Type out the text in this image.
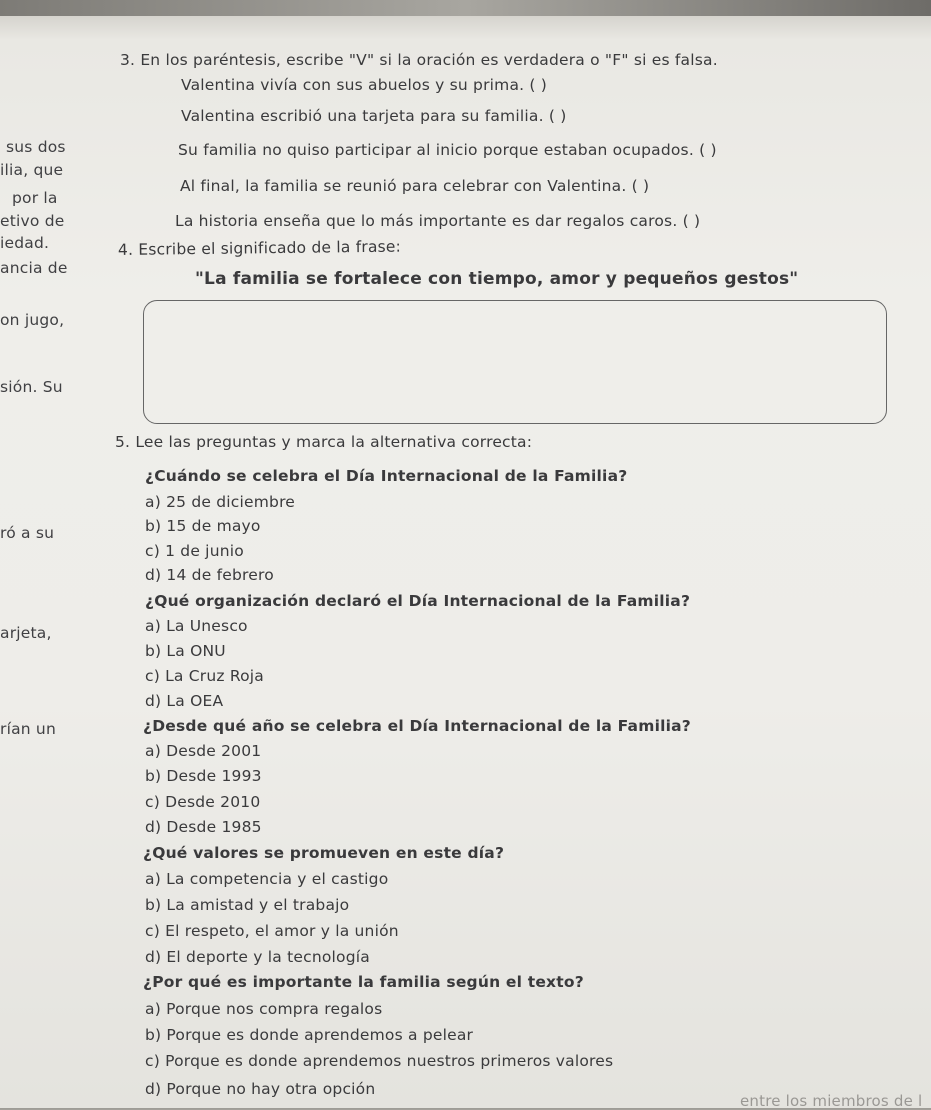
sus dos
ilia, que
por la
etivo de
iedad.
ancia de
on jugo,
sión. Su
ró a su
arjeta,
rían un
3. En los paréntesis, escribe "V" si la oración es verdadera o "F" si es falsa.
Valentina vivía con sus abuelos y su prima. ( )
Valentina escribió una tarjeta para su familia. ( )
Su familia no quiso participar al inicio porque estaban ocupados. ( )
Al final, la familia se reunió para celebrar con Valentina. ( )
La historia enseña que lo más importante es dar regalos caros. ( )
4. Escribe el significado de la frase:
"La familia se fortalece con tiempo, amor y pequeños gestos"
5. Lee las preguntas y marca la alternativa correcta:
¿Cuándo se celebra el Día Internacional de la Familia?
a) 25 de diciembre
b) 15 de mayo
c) 1 de junio
d) 14 de febrero
¿Qué organización declaró el Día Internacional de la Familia?
a) La Unesco
b) La ONU
c) La Cruz Roja
d) La OEA
¿Desde qué año se celebra el Día Internacional de la Familia?
a) Desde 2001
b) Desde 1993
c) Desde 2010
d) Desde 1985
¿Qué valores se promueven en este día?
a) La competencia y el castigo
b) La amistad y el trabajo
c) El respeto, el amor y la unión
d) El deporte y la tecnología
¿Por qué es importante la familia según el texto?
a) Porque nos compra regalos
b) Porque es donde aprendemos a pelear
c) Porque es donde aprendemos nuestros primeros valores
d) Porque no hay otra opción
entre los miembros de l
